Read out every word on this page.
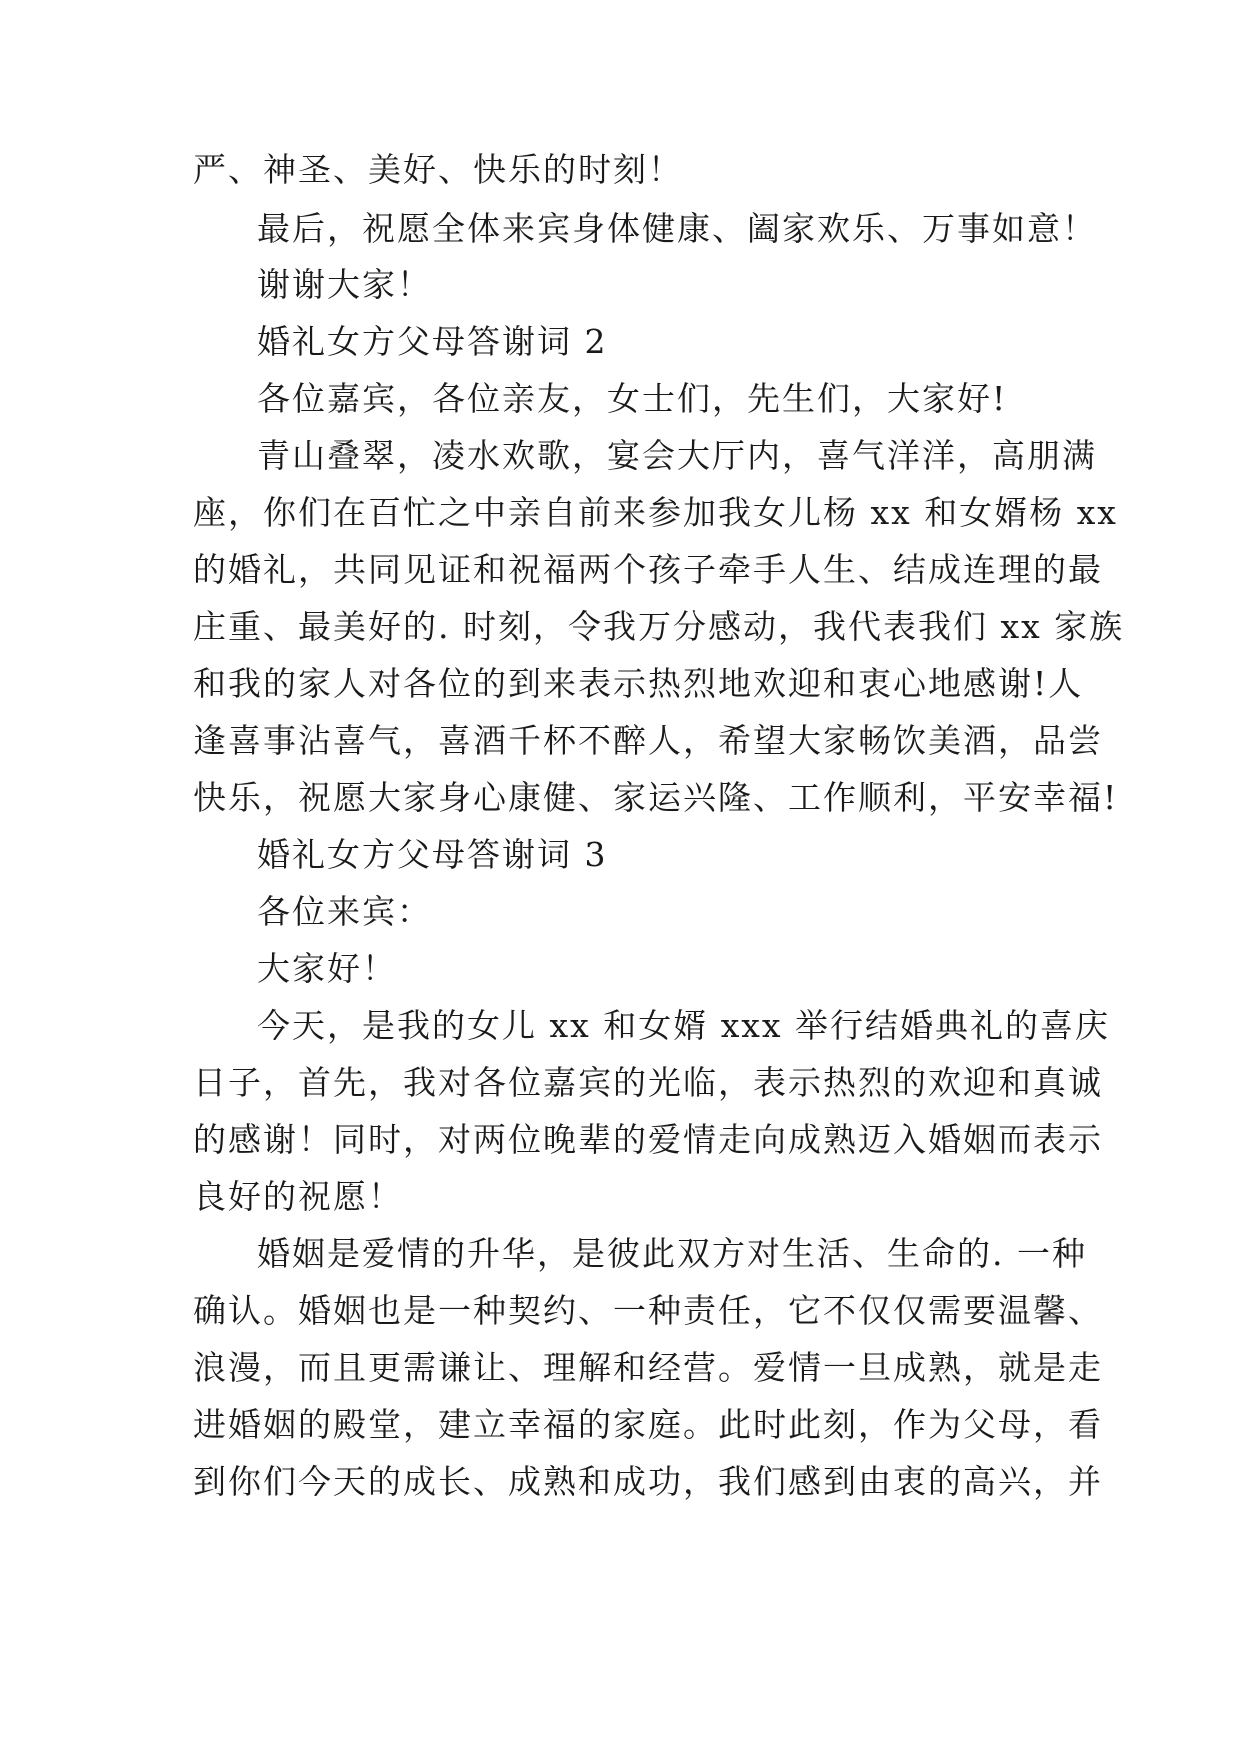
严、神圣、美好、快乐的时刻！
最后，祝愿全体来宾身体健康、阖家欢乐、万事如意！
谢谢大家！
婚礼女方父母答谢词 2
各位嘉宾，各位亲友，女士们，先生们，大家好!
青山叠翠，凌水欢歌，宴会大厅内，喜气洋洋，高朋满
座，你们在百忙之中亲自前来参加我女儿杨 xx 和女婿杨 xx
的婚礼，共同见证和祝福两个孩子牵手人生、结成连理的最
庄重、最美好的. 时刻，令我万分感动，我代表我们 xx 家族
和我的家人对各位的到来表示热烈地欢迎和衷心地感谢!人
逢喜事沾喜气，喜酒千杯不醉人，希望大家畅饮美酒，品尝
快乐，祝愿大家身心康健、家运兴隆、工作顺利，平安幸福!
婚礼女方父母答谢词 3
各位来宾：
大家好！
今天，是我的女儿 xx 和女婿 xxx 举行结婚典礼的喜庆
日子，首先，我对各位嘉宾的光临，表示热烈的欢迎和真诚
的感谢！同时，对两位晚辈的爱情走向成熟迈入婚姻而表示
良好的祝愿！
婚姻是爱情的升华，是彼此双方对生活、生命的. 一种
确认。婚姻也是一种契约、一种责任，它不仅仅需要温馨、
浪漫，而且更需谦让、理解和经营。爱情一旦成熟，就是走
进婚姻的殿堂，建立幸福的家庭。此时此刻，作为父母，看
到你们今天的成长、成熟和成功，我们感到由衷的高兴，并
